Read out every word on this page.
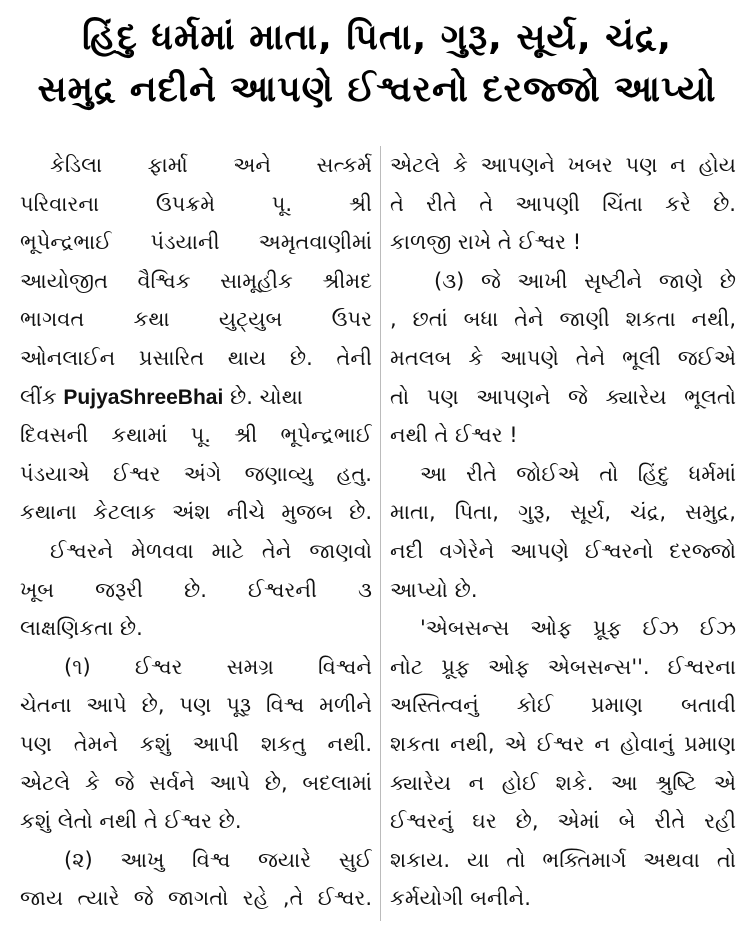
હિંદુ ધર્મમાં માતા, પિતા, ગુરૂ, સૂર્ય, ચંદ્ર,
સમુદ્ર નદીને આપણે ઈશ્વરનો દરજ્જો આપ્યો
કેડિલા ફાર્મા અને સત્કર્મ
પરિવારના ઉપક્રમે પૂ. શ્રી
ભૂપેન્દ્રભાઈ પંડયાની અમૃતવાણીમાં
આયોજીત વૈશ્વિક સામૂહીક શ્રીમદ
ભાગવત કથા યુટ્યુબ ઉપર
ઓનલાઈન પ્રસારિત થાય છે. તેની
લીંક PujyaShreeBhai છે. ચોથા
દિવસની કથામાં પૂ. શ્રી ભૂપેન્દ્રભાઈ
પંડયાએ ઈશ્વર અંગે જણાવ્યુ હતુ.
કથાના કેટલાક અંશ નીચે મુજબ છે.
ઈશ્વરને મેળવવા માટે તેને જાણવો
ખૂબ જરૂરી છે. ઈશ્વરની ૩
લાક્ષણિકતા છે.
(૧) ઈશ્વર સમગ્ર વિશ્વને
ચેતના આપે છે, પણ પૂરૂ વિશ્વ મળીને
પણ તેમને કશું આપી શકતુ નથી.
એટલે કે જે સર્વને આપે છે, બદલામાં
કશું લેતો નથી તે ઈશ્વર છે.
(૨) આખુ વિશ્વ જયારે સુઈ
જાય ત્યારે જે જાગતો રહે ,તે ઈશ્વર.
એટલે કે આપણને ખબર પણ ન હોય
તે રીતે તે આપણી ચિંતા કરે છે.
કાળજી રાખે તે ઈશ્વર !
(૩) જે આખી સૃષ્ટીને જાણે છે
, છતાં બધા તેને જાણી શકતા નથી,
મતલબ કે આપણે તેને ભૂલી જઈએ
તો પણ આપણને જે ક્યારેય ભૂલતો
નથી તે ઈશ્વર !
આ રીતે જોઈએ તો હિંદુ ધર્મમાં
માતા, પિતા, ગુરૂ, સૂર્ય, ચંદ્ર, સમુદ્ર,
નદી વગેરેને આપણે ઈશ્વરનો દરજ્જો
આપ્યો છે.
'એબસન્સ ઓફ પ્રૂફ ઈઝ ઈઝ
નોટ પ્રૂફ ઓફ એબસન્સ''. ઈશ્વરના
અસ્તિત્વનું કોઈ પ્રમાણ બતાવી
શકતા નથી, એ ઈશ્વર ન હોવાનું પ્રમાણ
ક્યારેય ન હોઈ શકે. આ શ્રુષ્ટિ એ
ઈશ્વરનું ઘર છે, એમાં બે રીતે રહી
શકાય. યા તો ભક્તિમાર્ગ અથવા તો
કર્મયોગી બનીને.
